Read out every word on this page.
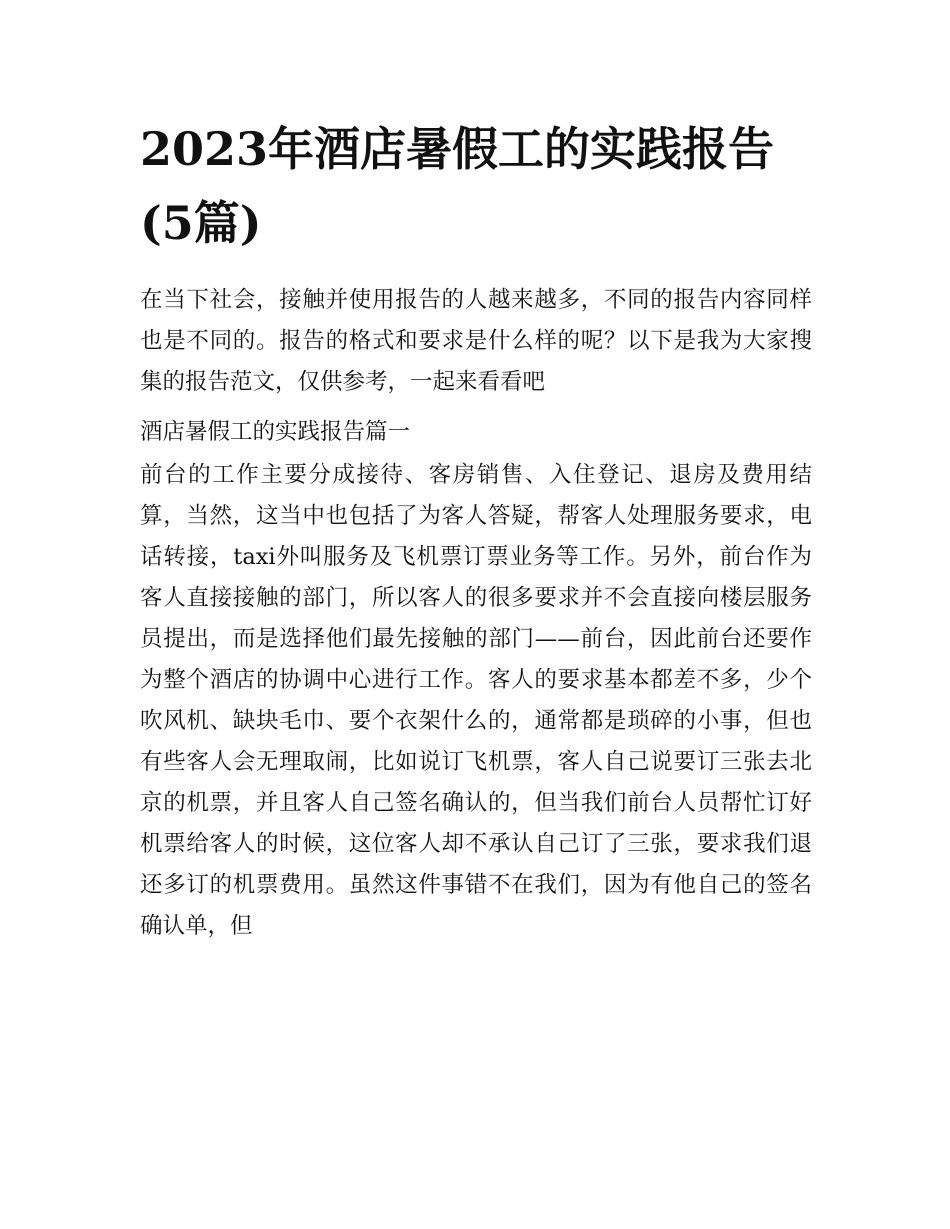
2023年酒店暑假工的实践报告(5篇)

在当下社会，接触并使用报告的人越来越多，不同的报告内容同样也是不同的。报告的格式和要求是什么样的呢？以下是我为大家搜集的报告范文，仅供参考，一起来看看吧

酒店暑假工的实践报告篇一

前台的工作主要分成接待、客房销售、入住登记、退房及费用结算，当然，这当中也包括了为客人答疑，帮客人处理服务要求，电话转接，taxi外叫服务及飞机票订票业务等工作。另外，前台作为客人直接接触的部门，所以客人的很多要求并不会直接向楼层服务员提出，而是选择他们最先接触的部门——前台，因此前台还要作为整个酒店的协调中心进行工作。客人的要求基本都差不多，少个吹风机、缺块毛巾、要个衣架什么的，通常都是琐碎的小事，但也有些客人会无理取闹，比如说订飞机票，客人自己说要订三张去北京的机票，并且客人自己签名确认的，但当我们前台人员帮忙订好机票给客人的时候，这位客人却不承认自己订了三张，要求我们退还多订的机票费用。虽然这件事错不在我们，因为有他自己的签名确认单，但
